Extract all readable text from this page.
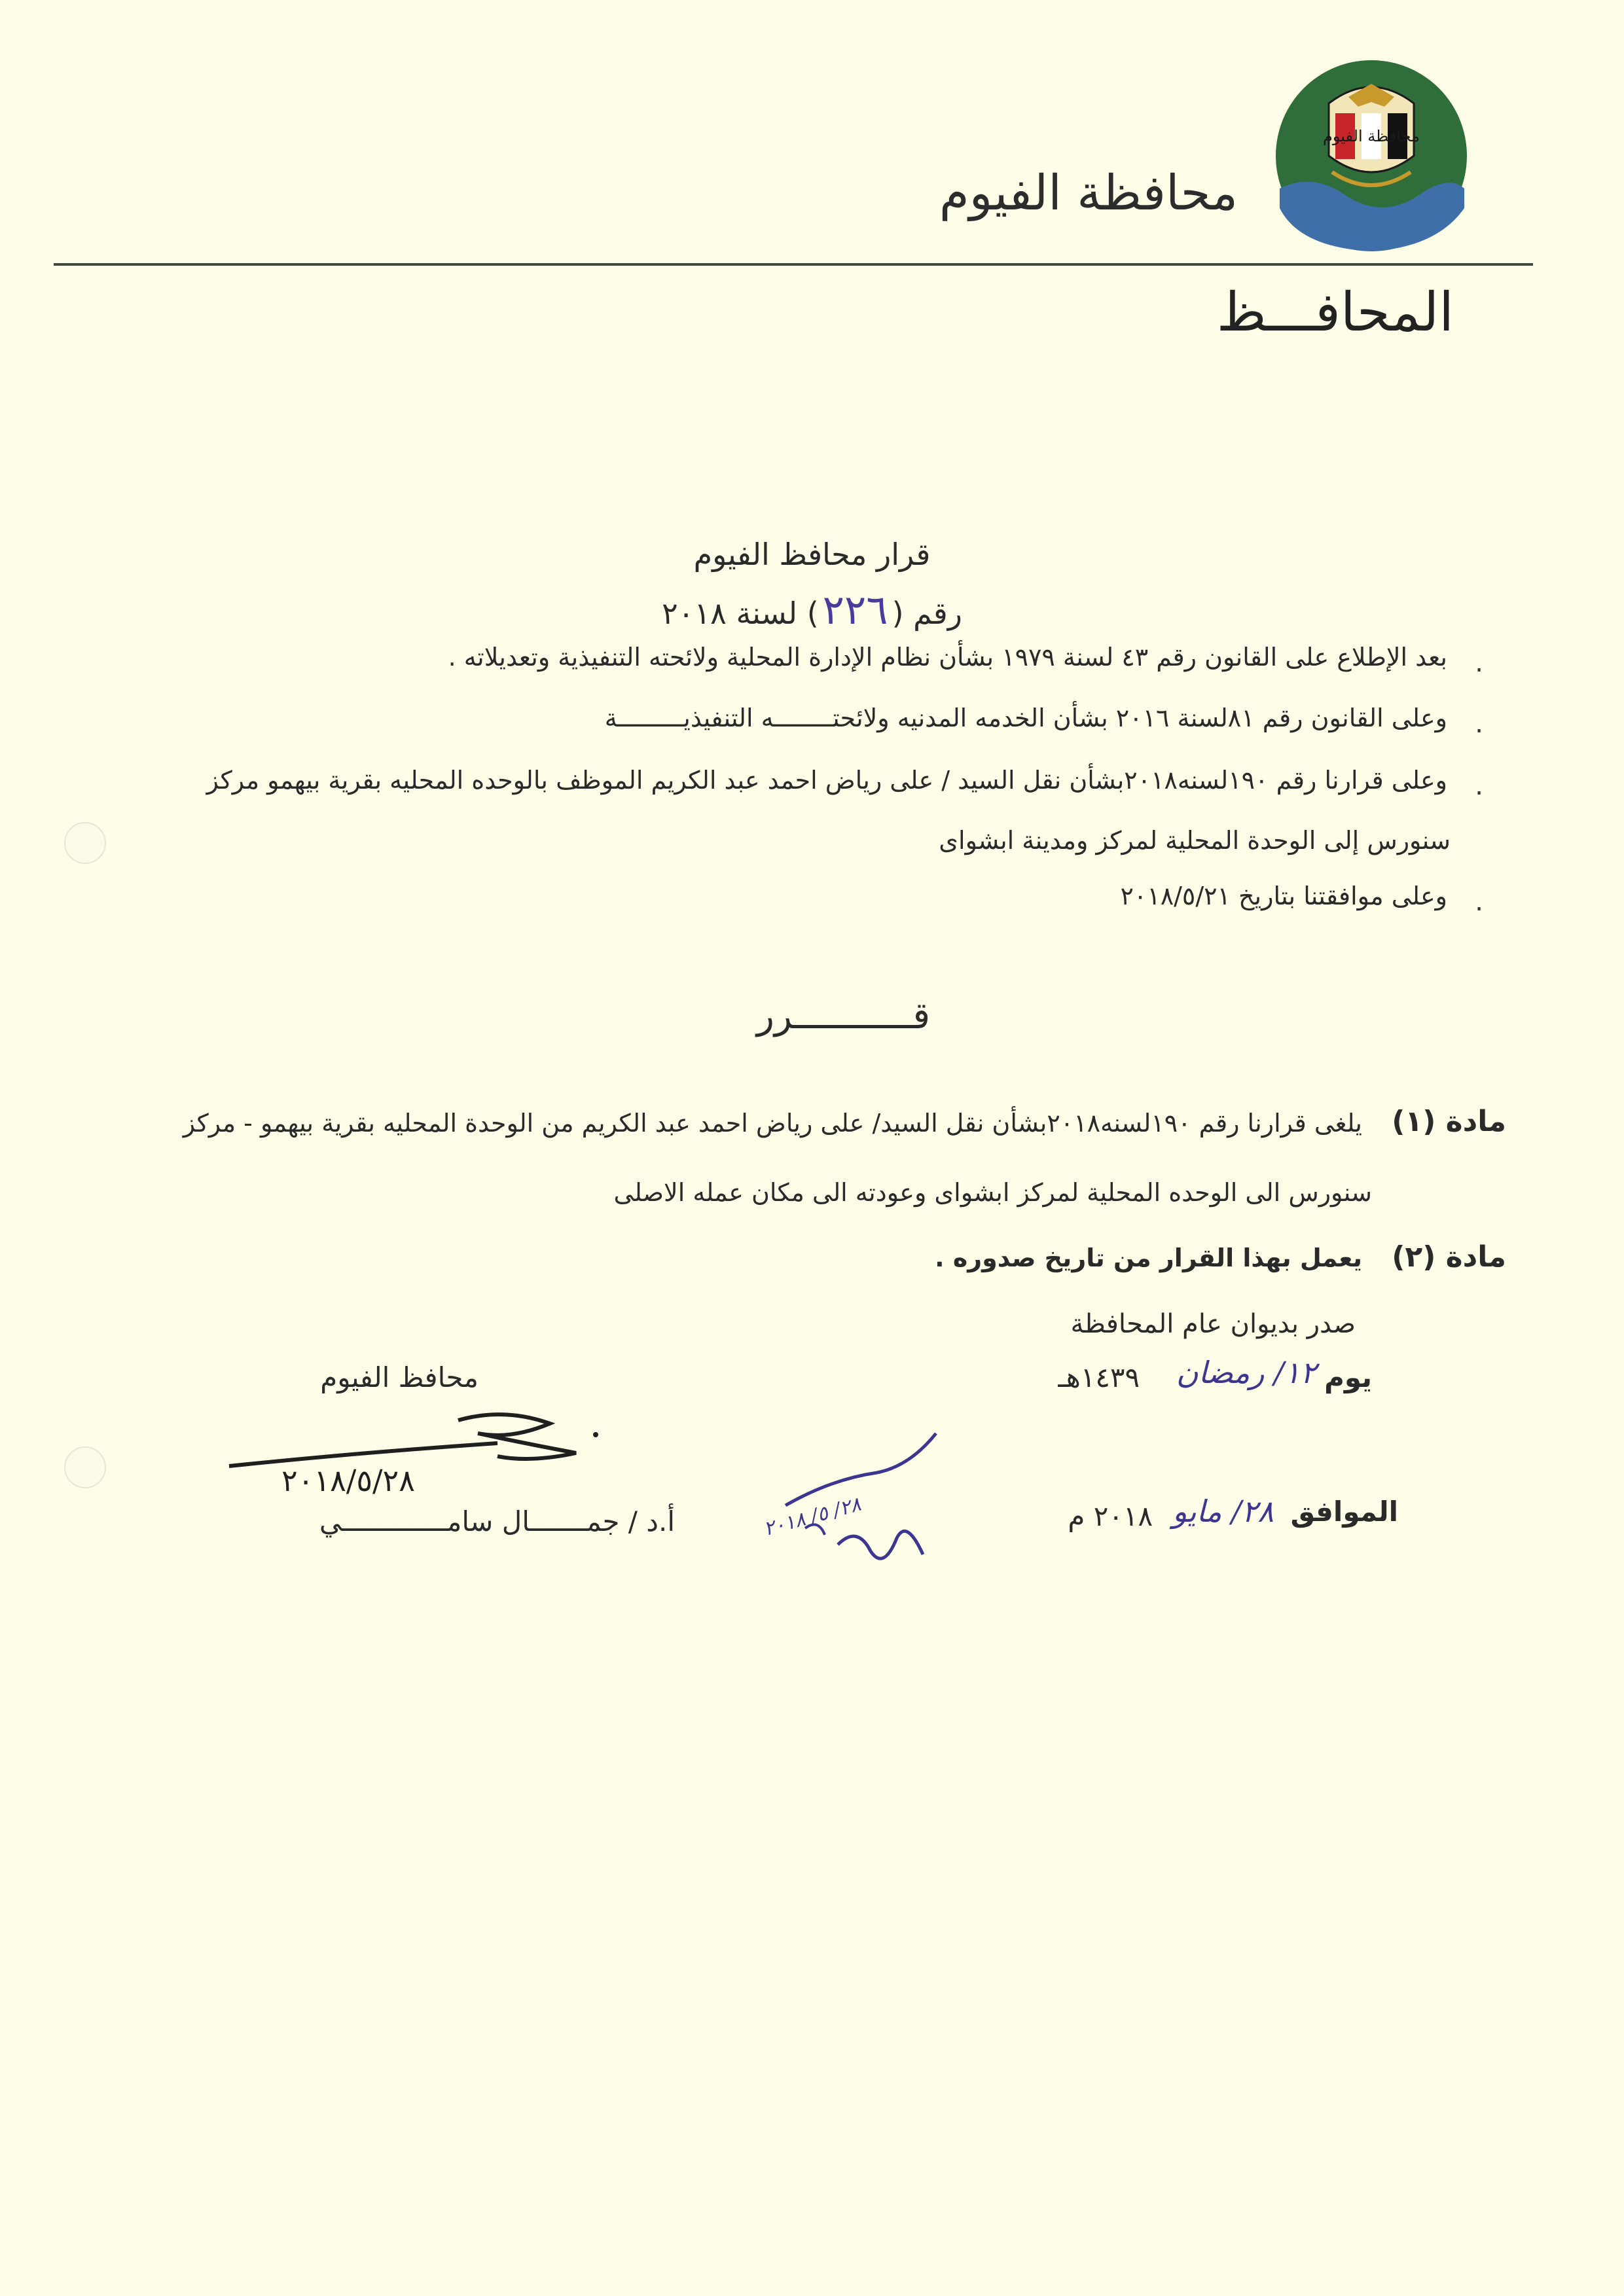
محافظة الفيوم
محافظة الفيوم
المحافـــظ
قرار محافظ الفيوم
رقم (٢٢٦) لسنة ٢٠١٨
.
بعد الإطلاع على القانون رقم ٤٣ لسنة ١٩٧٩ بشأن نظام الإدارة المحلية ولائحته التنفيذية وتعديلاته .
.
وعلى القانون رقم ٨١لسنة ٢٠١٦ بشأن الخدمه المدنيه ولائحتــــــــه التنفيذيـــــــــة
.
وعلى قرارنا رقم ١٩٠لسنه٢٠١٨بشأن نقل السيد / على رياض احمد عبد الكريم الموظف بالوحده المحليه بقرية بيهمو مركز
سنورس إلى الوحدة المحلية لمركز ومدينة ابشواى
.
وعلى موافقتنا بتاريخ ٢٠١٨/٥/٢١
قـــــــــــرر
مادة (١)
يلغى قرارنا رقم ١٩٠لسنه٢٠١٨بشأن نقل السيد/ على رياض احمد عبد الكريم من الوحدة المحليه بقرية بيهمو - مركز
سنورس الى الوحده المحلية لمركز ابشواى وعودته الى مكان عمله الاصلى
مادة (٢)
يعمل بهذا القرار من تاريخ صدوره .
صدر بديوان عام المحافظة
يوم
١٢/ رمضان
١٤٣٩هـ
الموافق
٢٨/ مايو
٢٠١٨ م
٢٨/ ٥/ ٢٠١٨
محافظ الفيوم
٢٠١٨/٥/٢٨
أ.د / جمـــــــال سامـــــــــــــي
